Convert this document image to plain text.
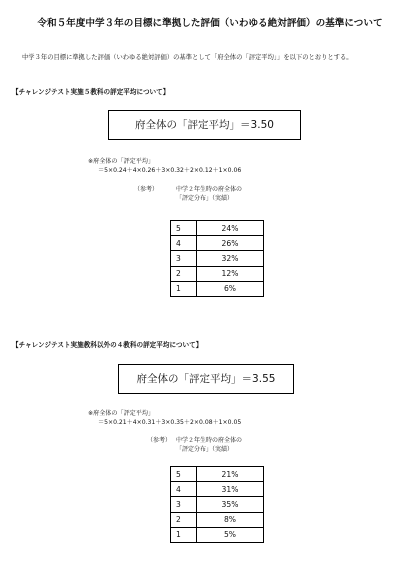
令和５年度中学３年の目標に準拠した評価（いわゆる絶対評価）の基準について
中学３年の目標に準拠した評価（いわゆる絶対評価）の基準として「府全体の「評定平均」」を以下のとおりとする。
【チャレンジテスト実施５教科の評定平均について】
府全体の「評定平均」＝3.50
※府全体の「評定平均」
＝5×0.24＋4×0.26＋3×0.32＋2×0.12＋1×0.06
（参考）	中学２年生時の府全体の
「評定分布」（実績）
5	24%
4	26%
3	32%
2	12%
1	6%
【チャレンジテスト実施教科以外の４教科の評定平均について】
府全体の「評定平均」＝3.55
※府全体の「評定平均」
＝5×0.21＋4×0.31＋3×0.35＋2×0.08＋1×0.05
（参考） 中学２年生時の府全体の
「評定分布」（実績）
5	21%
4	31%
3	35%
2	8%
1	5%
